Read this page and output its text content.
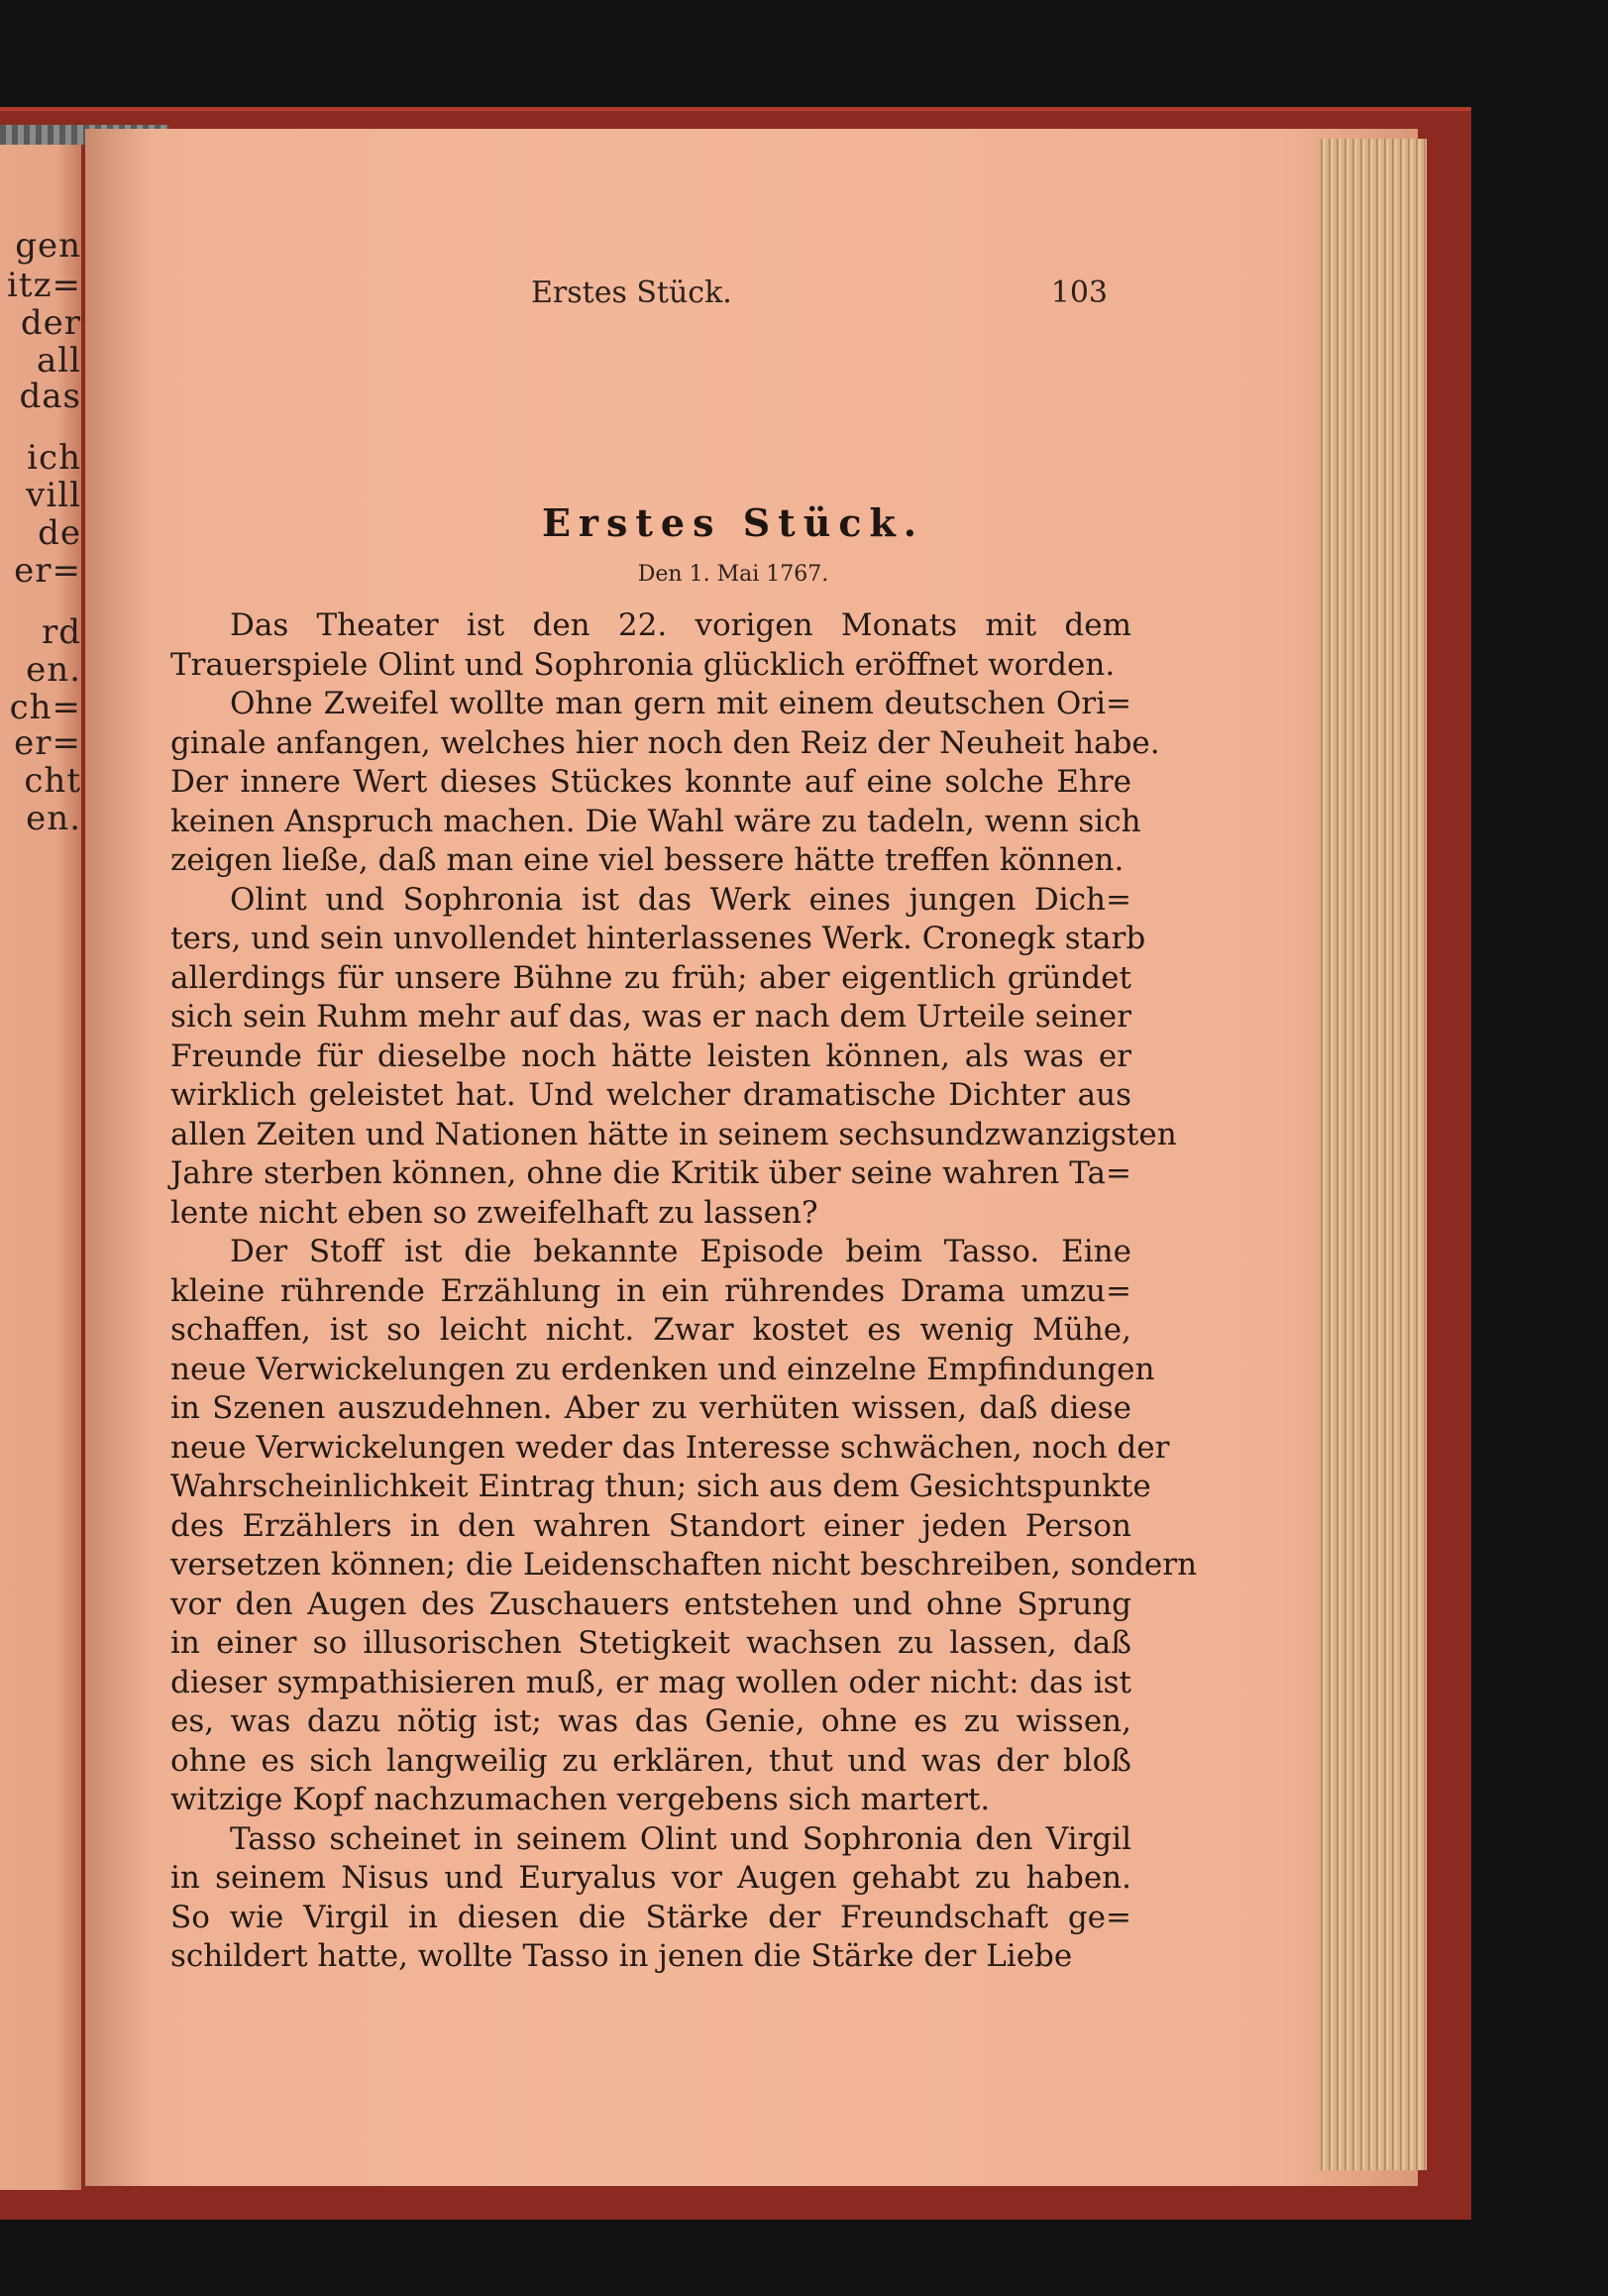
gen
itz=
der
all
das
ich
vill
de
er=
rd
en.
ch=
er=
cht
en.
Erstes Stück.	103
Erstes Stück.
Den 1. Mai 1767.
Das Theater ist den 22. vorigen Monats mit dem
Trauerspiele Olint und Sophronia glücklich eröffnet worden.
Ohne Zweifel wollte man gern mit einem deutschen Ori=
ginale anfangen, welches hier noch den Reiz der Neuheit habe.
Der innere Wert dieses Stückes konnte auf eine solche Ehre
keinen Anspruch machen. Die Wahl wäre zu tadeln, wenn sich
zeigen ließe, daß man eine viel bessere hätte treffen können.
Olint und Sophronia ist das Werk eines jungen Dich=
ters, und sein unvollendet hinterlassenes Werk. Cronegk starb
allerdings für unsere Bühne zu früh; aber eigentlich gründet
sich sein Ruhm mehr auf das, was er nach dem Urteile seiner
Freunde für dieselbe noch hätte leisten können, als was er
wirklich geleistet hat. Und welcher dramatische Dichter aus
allen Zeiten und Nationen hätte in seinem sechsundzwanzigsten
Jahre sterben können, ohne die Kritik über seine wahren Ta=
lente nicht eben so zweifelhaft zu lassen?
Der Stoff ist die bekannte Episode beim Tasso. Eine
kleine rührende Erzählung in ein rührendes Drama umzu=
schaffen, ist so leicht nicht. Zwar kostet es wenig Mühe,
neue Verwickelungen zu erdenken und einzelne Empfindungen
in Szenen auszudehnen. Aber zu verhüten wissen, daß diese
neue Verwickelungen weder das Interesse schwächen, noch der
Wahrscheinlichkeit Eintrag thun; sich aus dem Gesichtspunkte
des Erzählers in den wahren Standort einer jeden Person
versetzen können; die Leidenschaften nicht beschreiben, sondern
vor den Augen des Zuschauers entstehen und ohne Sprung
in einer so illusorischen Stetigkeit wachsen zu lassen, daß
dieser sympathisieren muß, er mag wollen oder nicht: das ist
es, was dazu nötig ist; was das Genie, ohne es zu wissen,
ohne es sich langweilig zu erklären, thut und was der bloß
witzige Kopf nachzumachen vergebens sich martert.
Tasso scheinet in seinem Olint und Sophronia den Virgil
in seinem Nisus und Euryalus vor Augen gehabt zu haben.
So wie Virgil in diesen die Stärke der Freundschaft ge=
schildert hatte, wollte Tasso in jenen die Stärke der Liebe
